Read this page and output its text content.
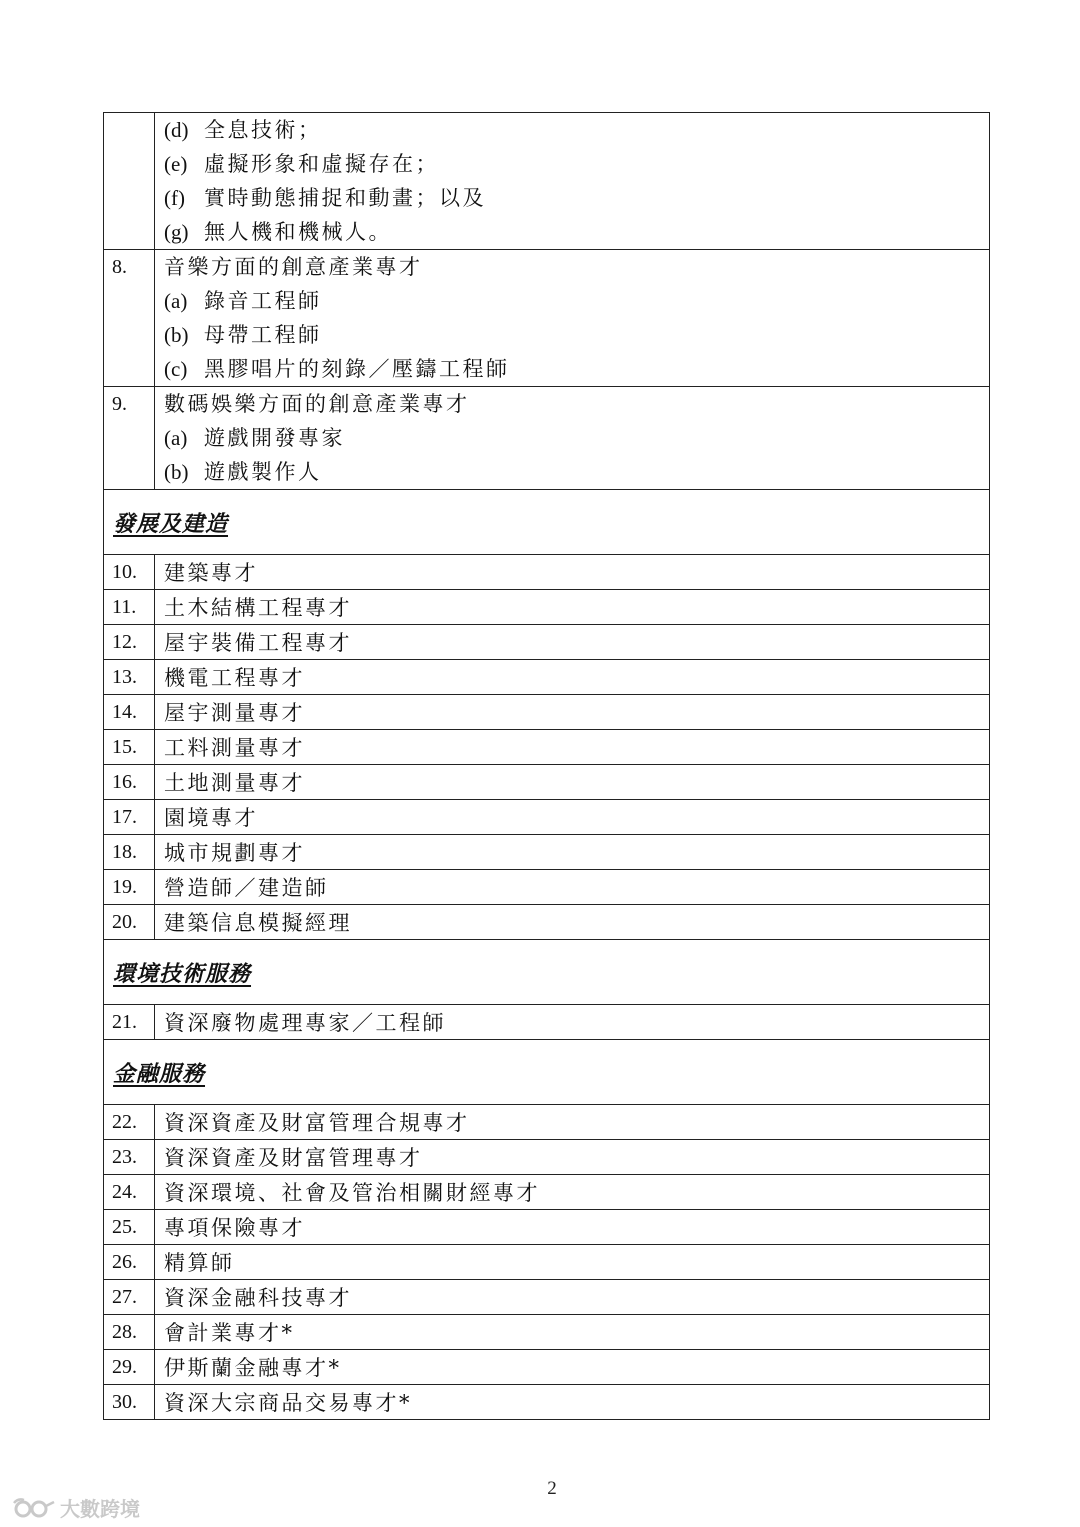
	(d) 全息技術；
(e) 虛擬形象和虛擬存在；
(f) 實時動態捕捉和動畫；以及
(g) 無人機和機械人。

8.	音樂方面的創意產業專才
(a) 錄音工程師
(b) 母帶工程師
(c) 黑膠唱片的刻錄／壓鑄工程師

9.	數碼娛樂方面的創意產業專才
(a) 遊戲開發專家
(b) 遊戲製作人

發展及建造	
10.	建築專才
11.	土木結構工程專才
12.	屋宇裝備工程專才
13.	機電工程專才
14.	屋宇測量專才
15.	工料測量專才
16.	土地測量專才
17.	園境專才
18.	城市規劃專才
19.	營造師／建造師
20.	建築信息模擬經理
環境技術服務	
21.	資深廢物處理專家／工程師
金融服務	
22.	資深資產及財富管理合規專才
23.	資深資產及財富管理專才
24.	資深環境、社會及管治相關財經專才
25.	專項保險專才
26.	精算師
27.	資深金融科技專才
28.	會計業專才*
29.	伊斯蘭金融專才*
30.	資深大宗商品交易專才*
2
大數跨境
